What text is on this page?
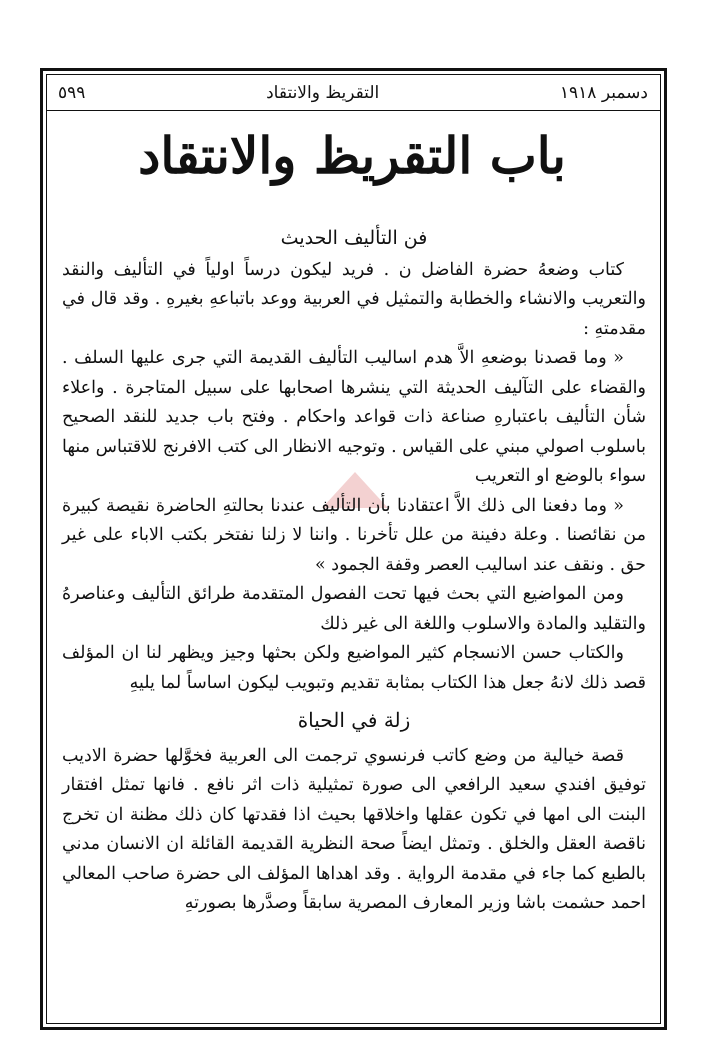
دسمبر ١٩١٨
التقريظ والانتقاد
٥٩٩
باب التقريظ والانتقاد

فن التأليف الحديث

كتاب وضعهُ حضرة الفاضل ن . فريد ليكون درساً اولياً في التأليف والنقد والتعريب والانشاء والخطابة والتمثيل في العربية ووعد باتباعهِ بغيرهِ . وقد قال في مقدمتهِ :

« وما قصدنا بوضعهِ الاَّ هدم اساليب التأليف القديمة التي جرى عليها السلف . والقضاء على التآليف الحديثة التي ينشرها اصحابها على سبيل المتاجرة . واعلاء شأن التأليف باعتبارهِ صناعة ذات قواعد واحكام . وفتح باب جديد للنقد الصحيح باسلوب اصولي مبني على القياس . وتوجيه الانظار الى كتب الافرنج للاقتباس منها سواء بالوضع او التعريب

« وما دفعنا الى ذلك الاَّ اعتقادنا بأن التأليف عندنا بحالتهِ الحاضرة نقيصة كبيرة من نقائصنا . وعلة دفينة من علل تأخرنا . واننا لا زلنا نفتخر بكتب الاباء على غير حق . ونقف عند اساليب العصر وقفة الجمود »

ومن المواضيع التي بحث فيها تحت الفصول المتقدمة طرائق التأليف وعناصرهُ والتقليد والمادة والاسلوب واللغة الى غير ذلك

والكتاب حسن الانسجام كثير المواضيع ولكن بحثها وجيز ويظهر لنا ان المؤلف قصد ذلك لانهُ جعل هذا الكتاب بمثابة تقديم وتبويب ليكون اساساً لما يليهِ

زلة في الحياة

قصة خيالية من وضع كاتب فرنسوي ترجمت الى العربية فخوَّلها حضرة الاديب توفيق افندي سعيد الرافعي الى صورة تمثيلية ذات اثر نافع . فانها تمثل افتقار البنت الى امها في تكون عقلها واخلاقها بحيث اذا فقدتها كان ذلك مظنة ان تخرج ناقصة العقل والخلق . وتمثل ايضاً صحة النظرية القديمة القائلة ان الانسان مدني بالطبع كما جاء في مقدمة الرواية . وقد اهداها المؤلف الى حضرة صاحب المعالي احمد حشمت باشا وزير المعارف المصرية سابقاً وصدَّرها بصورتهِ
